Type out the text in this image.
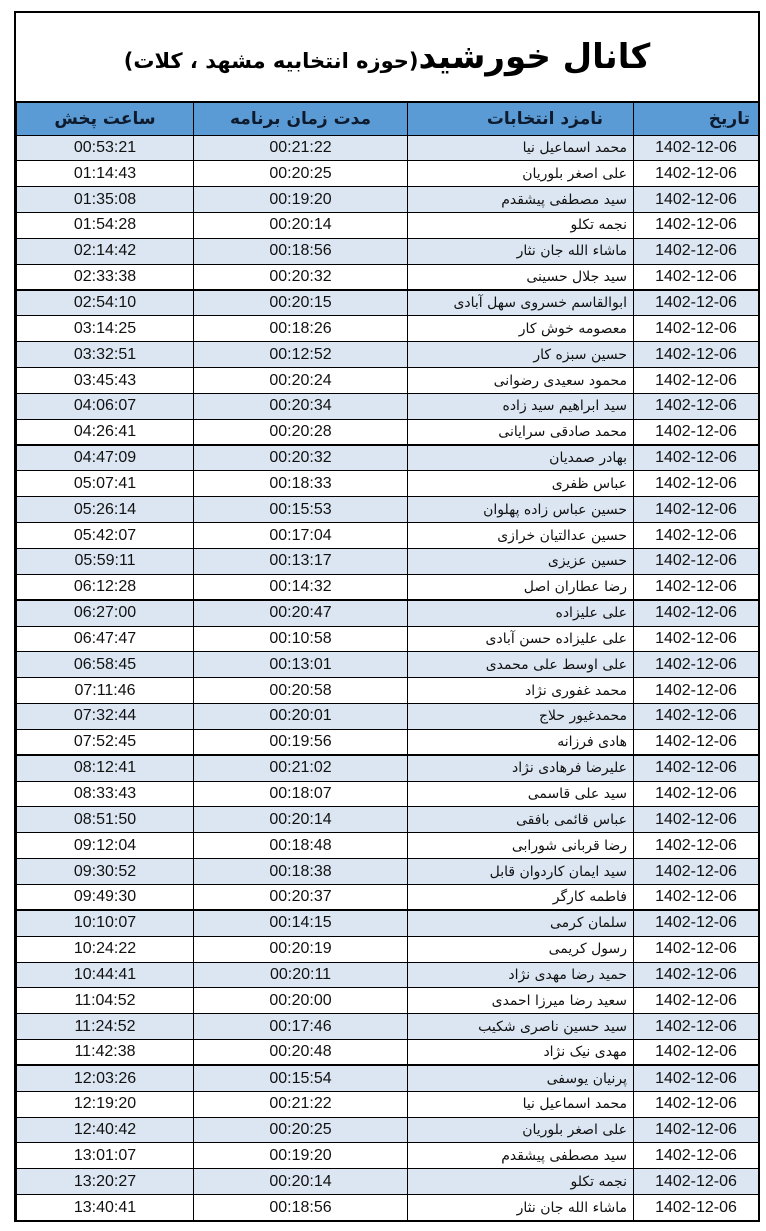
کانال خورشید
(حوزه انتخابیه مشهد ، کلات)
تاریخ	نامزد انتخابات	مدت زمان برنامه	ساعت پخش
1402-12-06	محمد اسماعیل نیا	00:21:22	00:53:21
1402-12-06	علی اصغر بلوریان	00:20:25	01:14:43
1402-12-06	سید مصطفی پیشقدم	00:19:20	01:35:08
1402-12-06	نجمه تکلو	00:20:14	01:54:28
1402-12-06	ماشاء الله جان نثار	00:18:56	02:14:42
1402-12-06	سید جلال حسینی	00:20:32	02:33:38
1402-12-06	ابوالقاسم خسروی سهل آبادی	00:20:15	02:54:10
1402-12-06	معصومه خوش کار	00:18:26	03:14:25
1402-12-06	حسین سبزه کار	00:12:52	03:32:51
1402-12-06	محمود سعیدی رضوانی	00:20:24	03:45:43
1402-12-06	سید ابراهیم سید زاده	00:20:34	04:06:07
1402-12-06	محمد صادقی سرایانی	00:20:28	04:26:41
1402-12-06	بهادر صمدیان	00:20:32	04:47:09
1402-12-06	عباس ظفری	00:18:33	05:07:41
1402-12-06	حسین عباس زاده پهلوان	00:15:53	05:26:14
1402-12-06	حسین عدالتیان خرازی	00:17:04	05:42:07
1402-12-06	حسین عزیزی	00:13:17	05:59:11
1402-12-06	رضا عطاران اصل	00:14:32	06:12:28
1402-12-06	علی علیزاده	00:20:47	06:27:00
1402-12-06	علی علیزاده حسن آبادی	00:10:58	06:47:47
1402-12-06	علی اوسط علی محمدی	00:13:01	06:58:45
1402-12-06	محمد غفوری نژاد	00:20:58	07:11:46
1402-12-06	محمدغیور حلاج	00:20:01	07:32:44
1402-12-06	هادی فرزانه	00:19:56	07:52:45
1402-12-06	علیرضا فرهادی نژاد	00:21:02	08:12:41
1402-12-06	سید علی قاسمی	00:18:07	08:33:43
1402-12-06	عباس قائمی بافقی	00:20:14	08:51:50
1402-12-06	رضا قربانی شورابی	00:18:48	09:12:04
1402-12-06	سید ایمان کاردوان قابل	00:18:38	09:30:52
1402-12-06	فاطمه کارگر	00:20:37	09:49:30
1402-12-06	سلمان کرمی	00:14:15	10:10:07
1402-12-06	رسول کریمی	00:20:19	10:24:22
1402-12-06	حمید رضا مهدی نژاد	00:20:11	10:44:41
1402-12-06	سعید رضا میرزا احمدی	00:20:00	11:04:52
1402-12-06	سید حسین ناصری شکیب	00:17:46	11:24:52
1402-12-06	مهدی نیک نژاد	00:20:48	11:42:38
1402-12-06	پرنیان یوسفی	00:15:54	12:03:26
1402-12-06	محمد اسماعیل نیا	00:21:22	12:19:20
1402-12-06	علی اصغر بلوریان	00:20:25	12:40:42
1402-12-06	سید مصطفی پیشقدم	00:19:20	13:01:07
1402-12-06	نجمه تکلو	00:20:14	13:20:27
1402-12-06	ماشاء الله جان نثار	00:18:56	13:40:41
